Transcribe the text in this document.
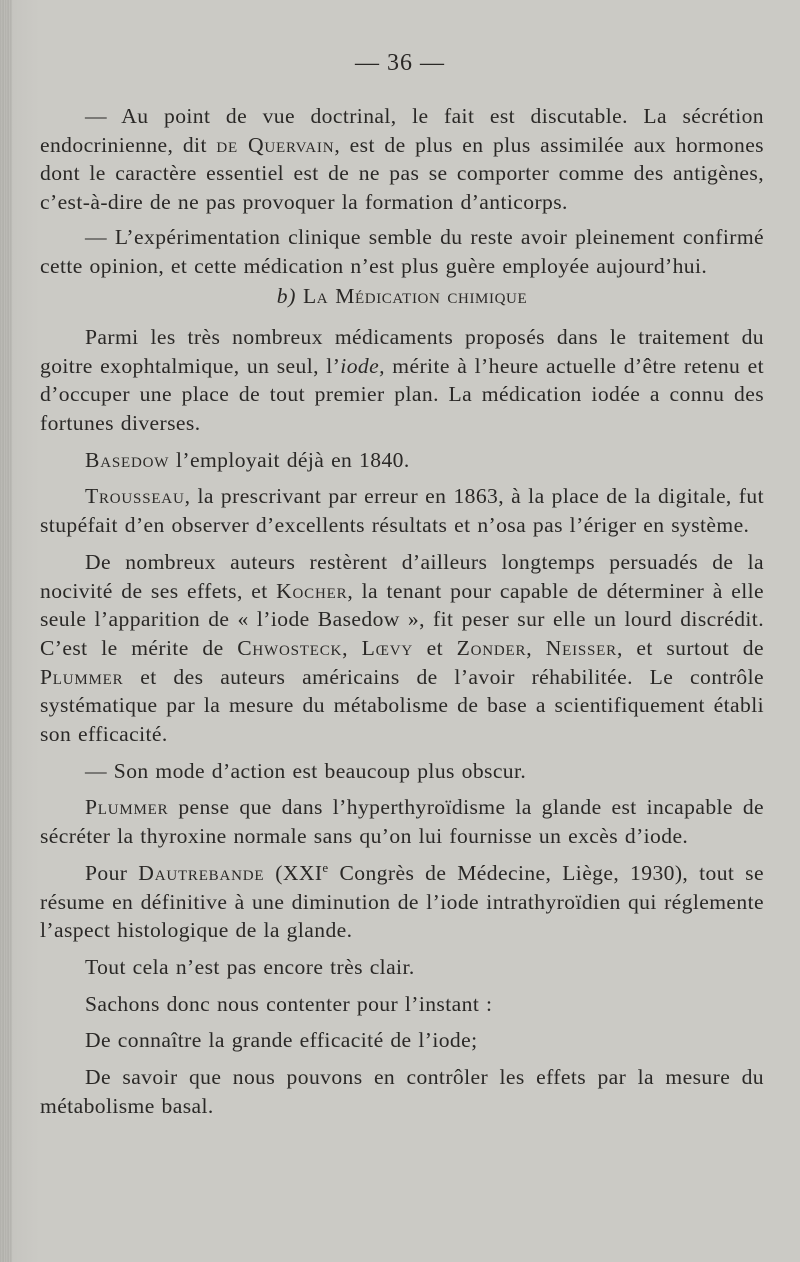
— 36 —

— Au point de vue doctrinal, le fait est discutable. La sécrétion endocrinienne, dit de Quervain, est de plus en plus assimilée aux hormones dont le caractère essentiel est de ne pas se comporter comme des antigènes, c’est-à-dire de ne pas provoquer la formation d’anticorps.

— L’expérimentation clinique semble du reste avoir pleinement confirmé cette opinion, et cette médication n’est plus guère employée aujourd’hui.

b) La Médication chimique

Parmi les très nombreux médicaments proposés dans le traitement du goitre exophtalmique, un seul, l’iode, mérite à l’heure actuelle d’être retenu et d’occuper une place de tout premier plan. La médication iodée a connu des fortunes diverses.

Basedow l’employait déjà en 1840.

Trousseau, la prescrivant par erreur en 1863, à la place de la digitale, fut stupéfait d’en observer d’excellents résultats et n’osa pas l’ériger en système.

De nombreux auteurs restèrent d’ailleurs longtemps persuadés de la nocivité de ses effets, et Kocher, la tenant pour capable de déterminer à elle seule l’apparition de « l’iode Basedow », fit peser sur elle un lourd discrédit. C’est le mérite de Chwosteck, Lœvy et Zonder, Neisser, et surtout de Plummer et des auteurs américains de l’avoir réhabilitée. Le contrôle systématique par la mesure du métabolisme de base a scientifiquement établi son efficacité.

— Son mode d’action est beaucoup plus obscur.

Plummer pense que dans l’hyperthyroïdisme la glande est incapable de sécréter la thyroxine normale sans qu’on lui fournisse un excès d’iode.

Pour Dautrebande (XXIe Congrès de Médecine, Liège, 1930), tout se résume en définitive à une diminution de l’iode intrathyroïdien qui réglemente l’aspect histologique de la glande.

Tout cela n’est pas encore très clair.

Sachons donc nous contenter pour l’instant :

De connaître la grande efficacité de l’iode;

De savoir que nous pouvons en contrôler les effets par la mesure du métabolisme basal.
